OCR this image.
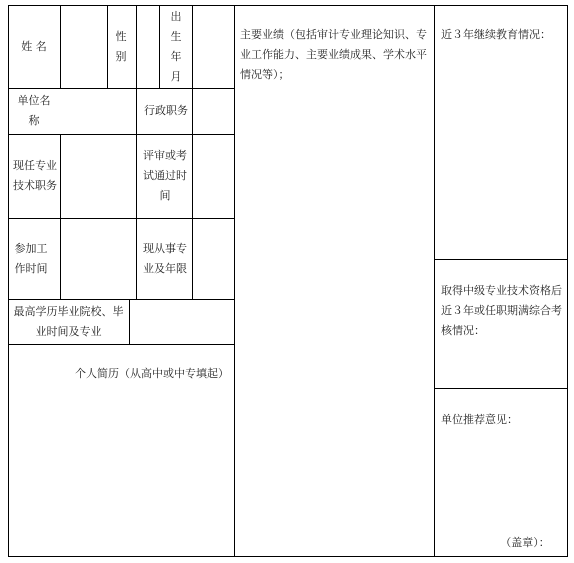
姓 名
性别
出生年月
单位名称
行政职务
现任专业技术职务
评审或考试通过时间
参加工作时间
现从事专业及年限
最高学历毕业院校、毕业时间及专业
个人简历（从高中或中专填起）
主要业绩（包括审计专业理论知识、专业工作能力、主要业绩成果、学术水平情况等）；
近３年继续教育情况：
取得中级专业技术资格后近３年或任职期满综合考核情况：
单位推荐意见：
（盖章）：
